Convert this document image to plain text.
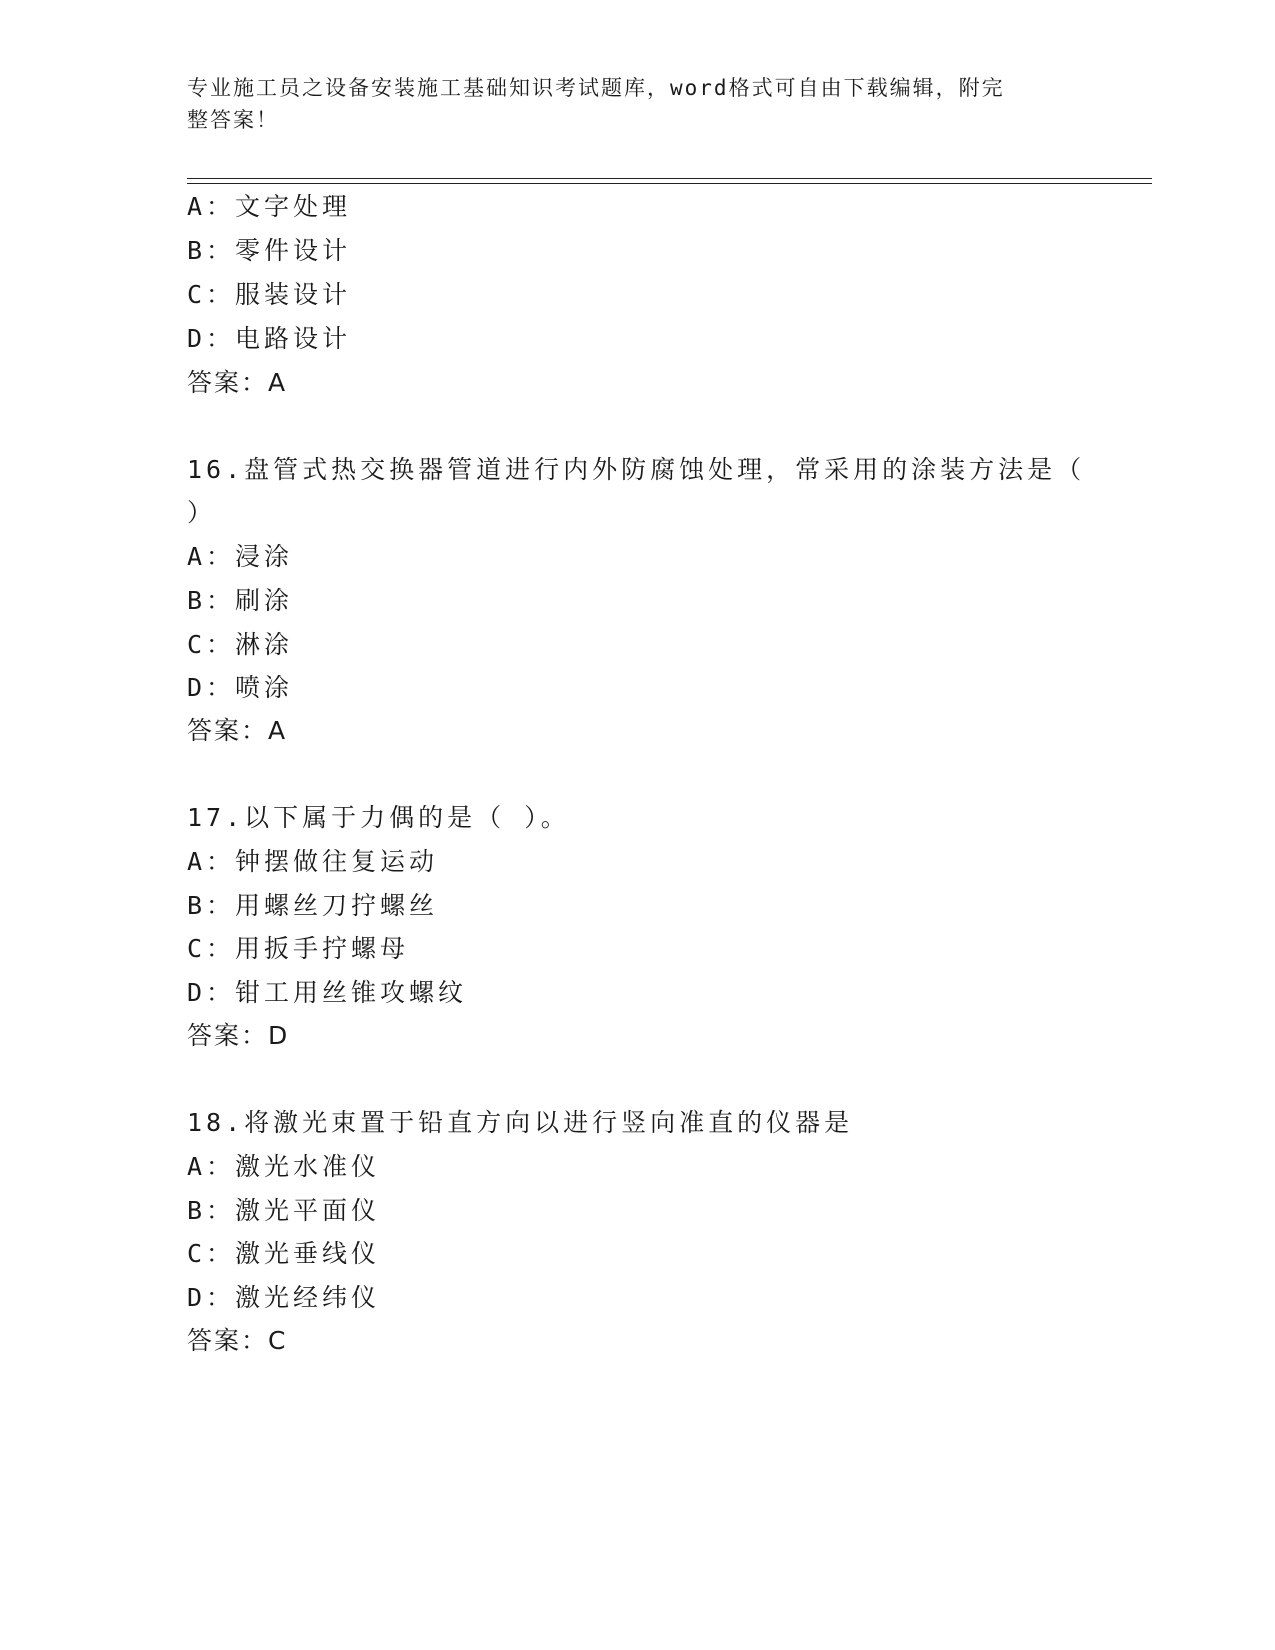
专业施工员之设备安装施工基础知识考试题库，word格式可自由下载编辑，附完
整答案！
A：文字处理
B：零件设计
C：服装设计
D：电路设计
答案：A
16.盘管式热交换器管道进行内外防腐蚀处理，常采用的涂装方法是（
）
A：浸涂
B：刷涂
C：淋涂
D：喷涂
答案：A
17.以下属于力偶的是（ ）。
A：钟摆做往复运动
B：用螺丝刀拧螺丝
C：用扳手拧螺母
D：钳工用丝锥攻螺纹
答案：D
18.将激光束置于铅直方向以进行竖向准直的仪器是
A：激光水准仪
B：激光平面仪
C：激光垂线仪
D：激光经纬仪
答案：C
